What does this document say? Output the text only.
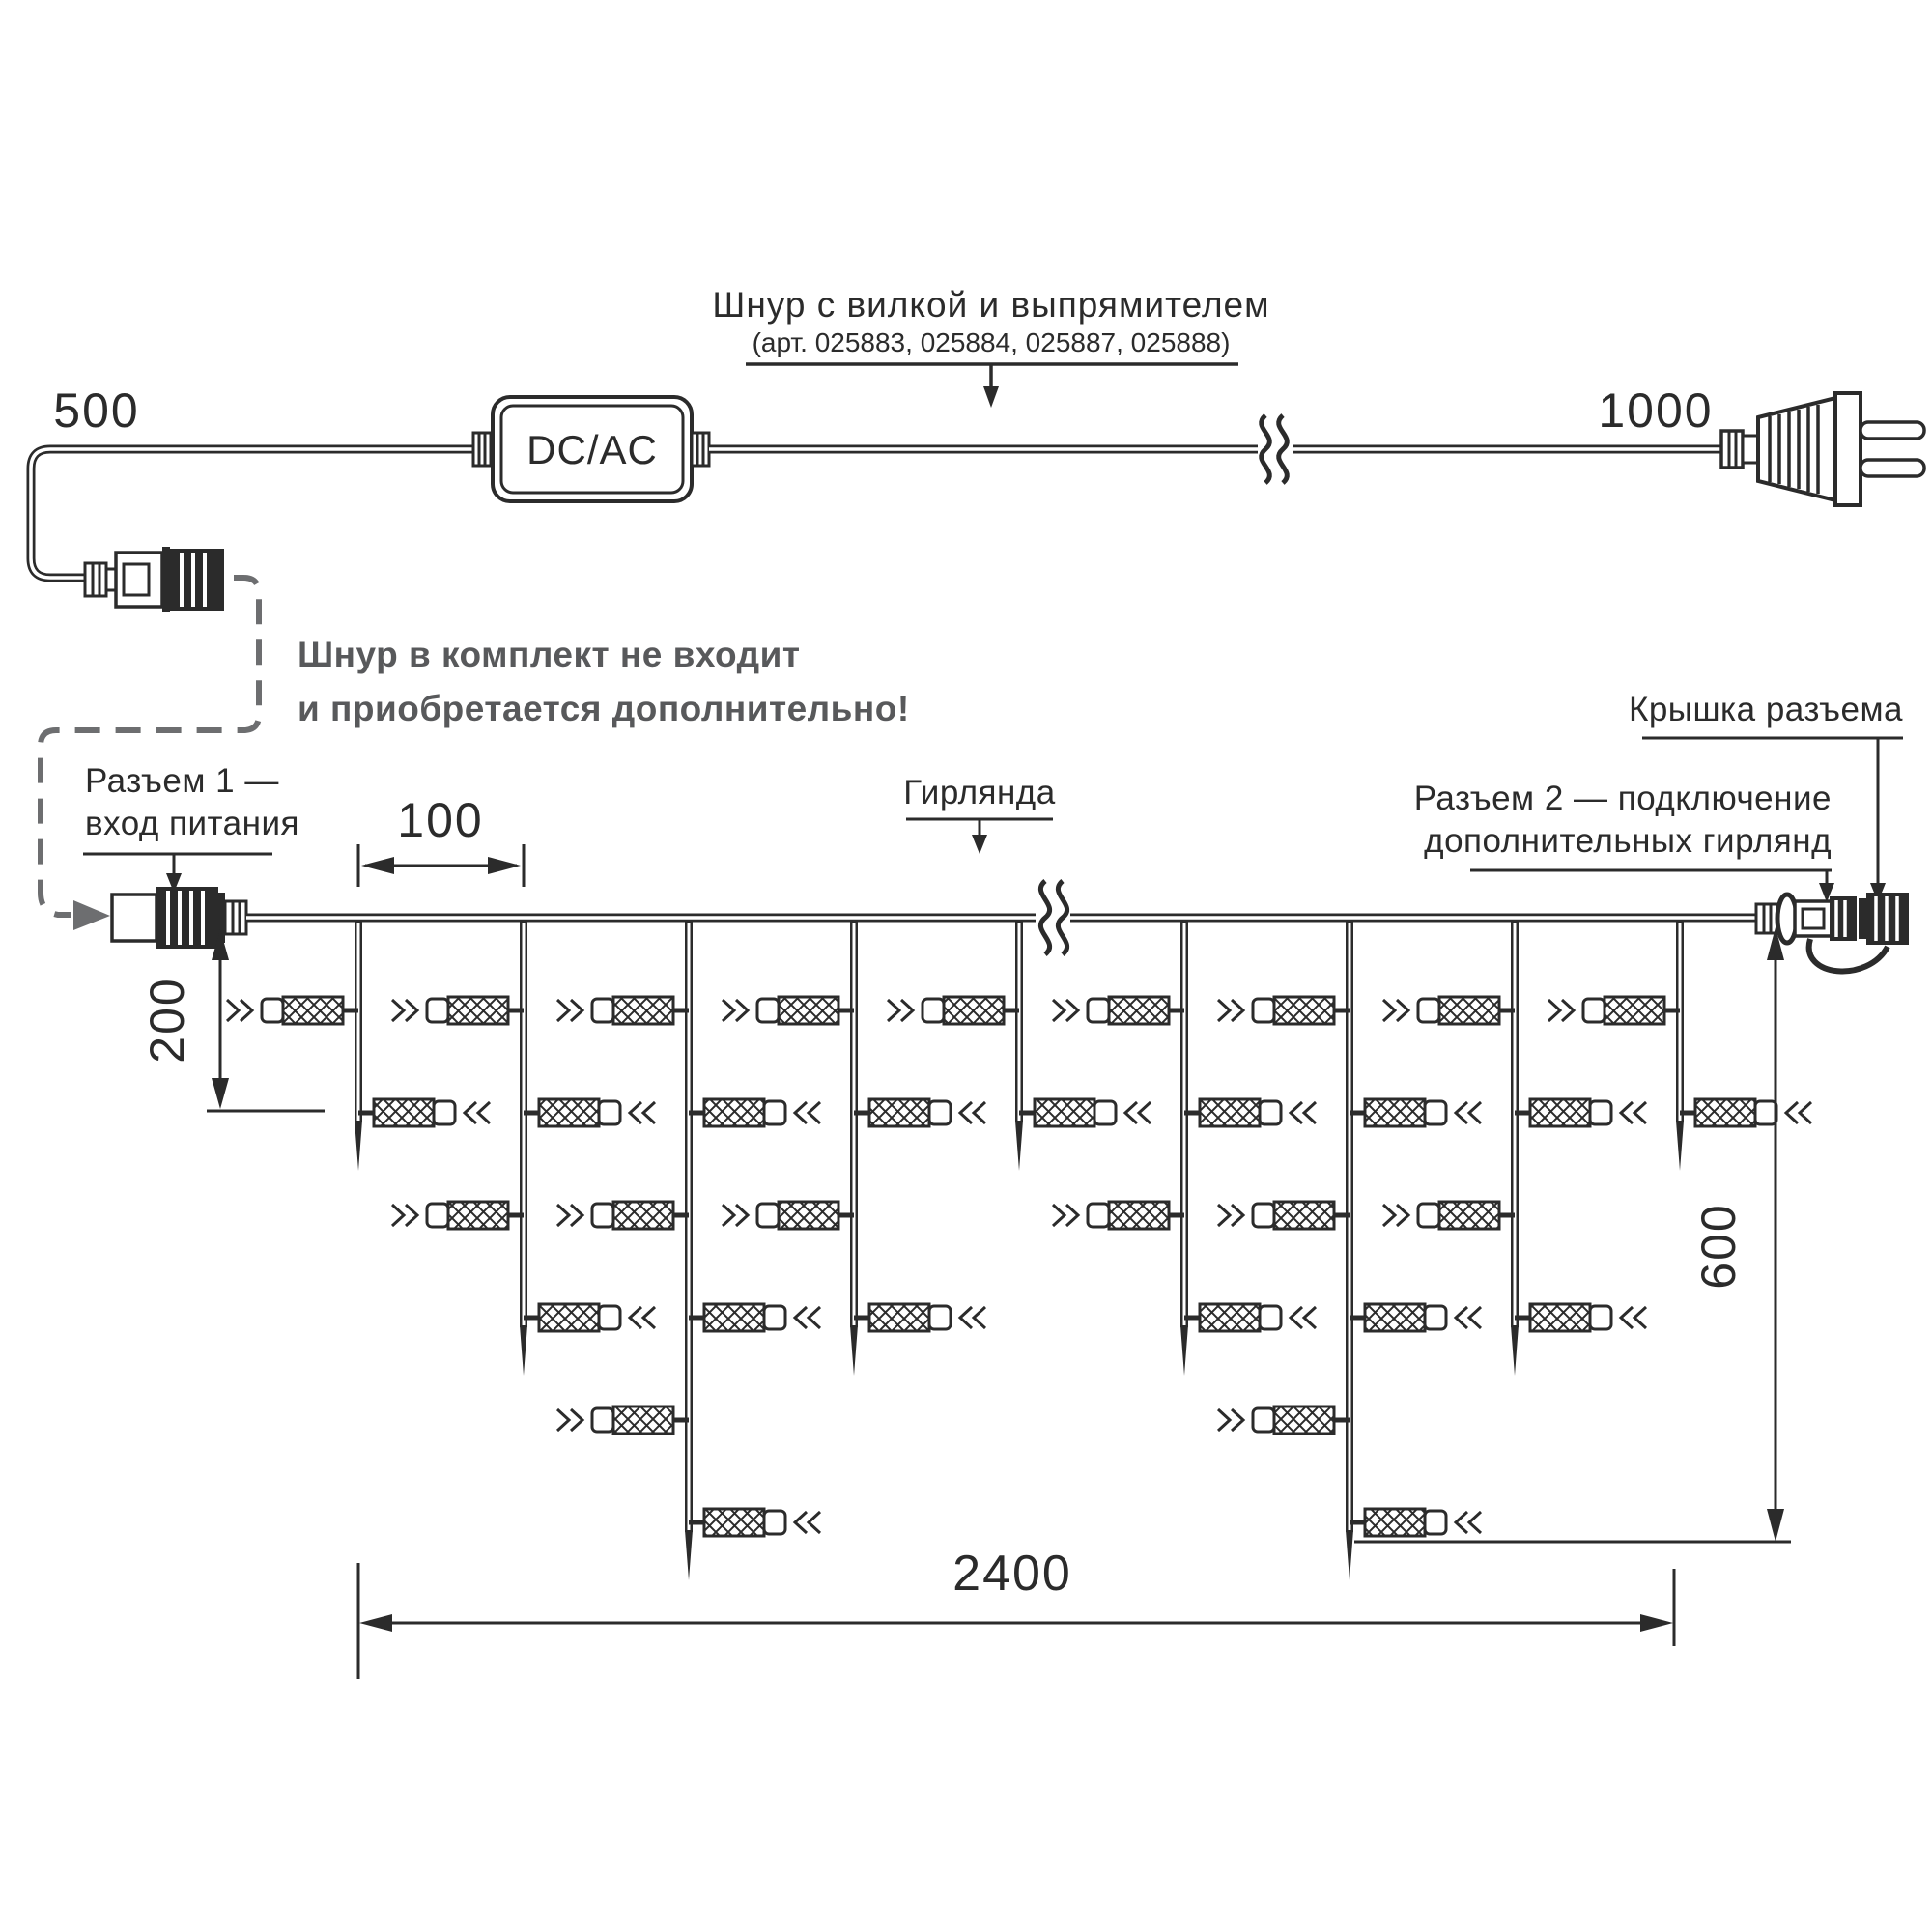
Шнур с вилкой и выпрямителем
(арт. 025883, 025884, 025887, 025888)
500	1000
DC/AC
Шнур в комплект не входит
и приобретается дополнительно!
Разъем 1 —
вход питания
Гирлянда	Разъем 2 — подключение
дополнительных гирлянд
Крышка разъема
100
200
600
2400
